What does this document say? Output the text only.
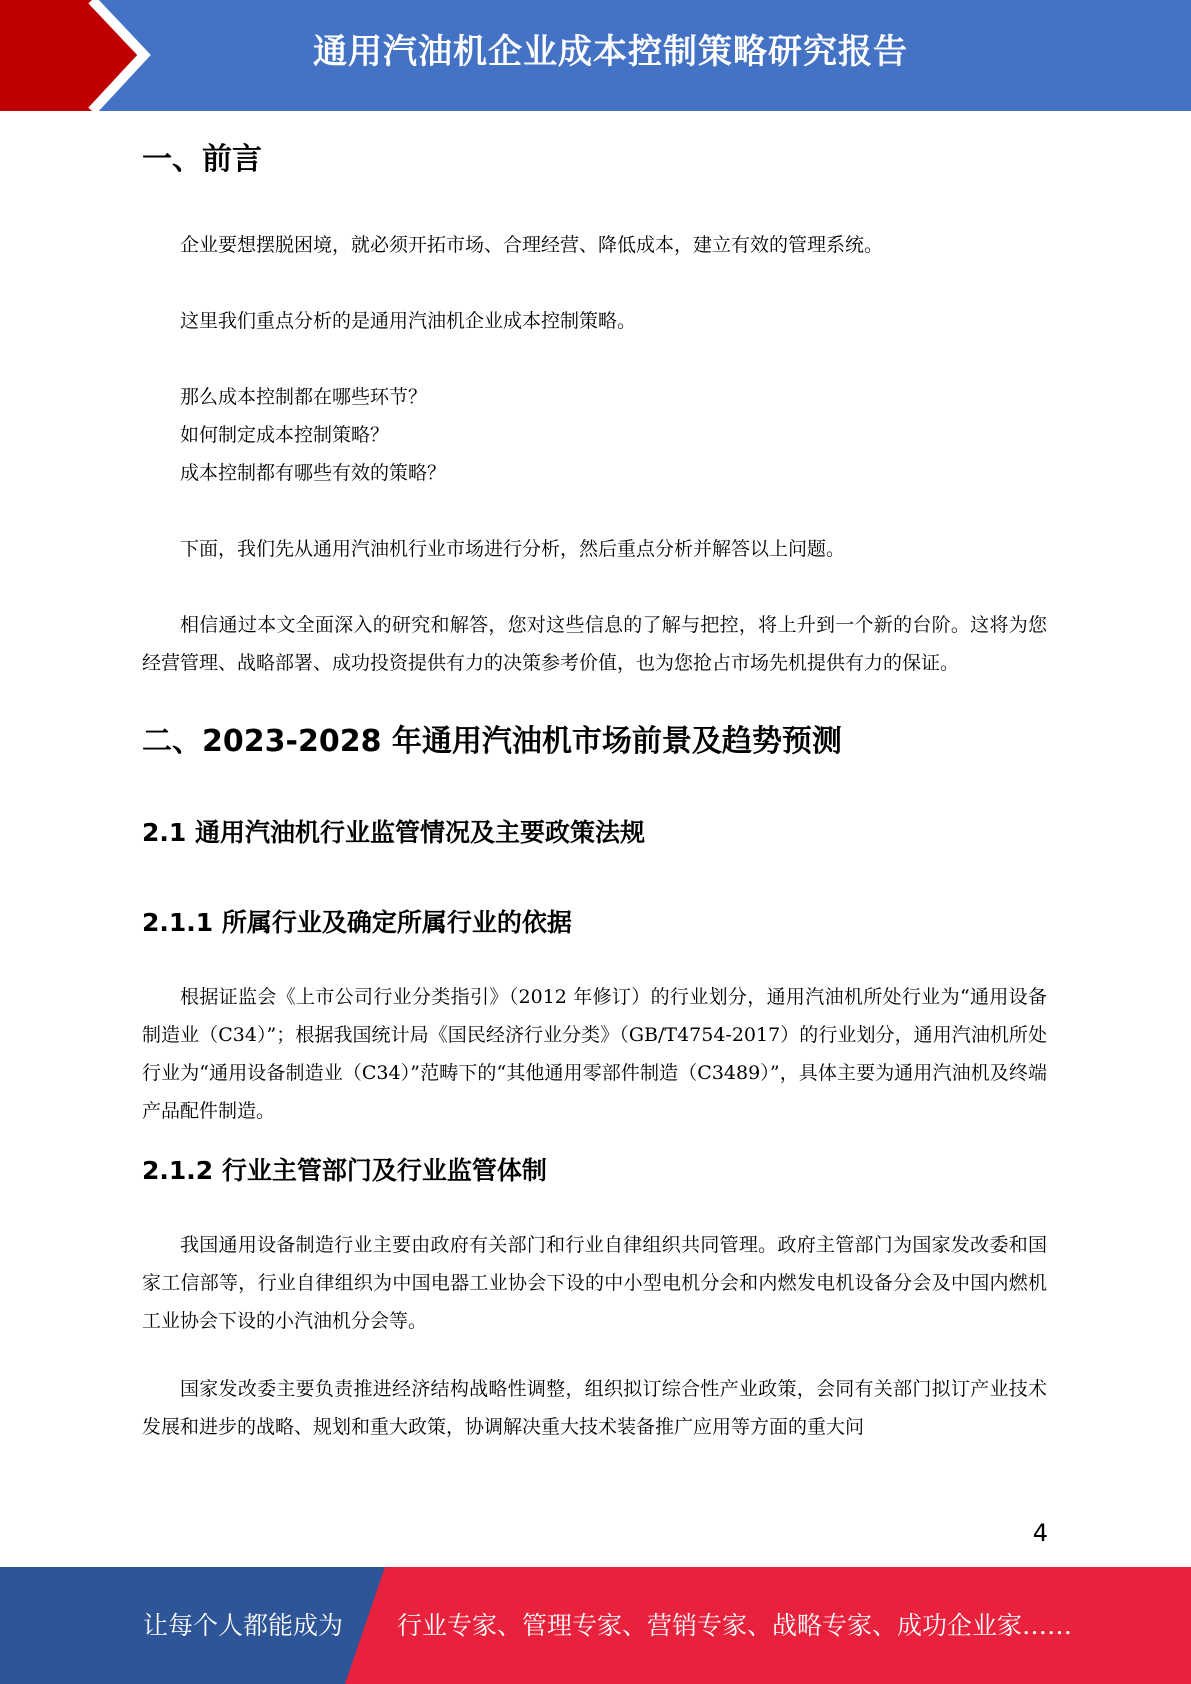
通用汽油机企业成本控制策略研究报告
一、前言

企业要想摆脱困境，就必须开拓市场、合理经营、降低成本，建立有效的管理系统。

这里我们重点分析的是通用汽油机企业成本控制策略。

那么成本控制都在哪些环节？

如何制定成本控制策略？

成本控制都有哪些有效的策略？

下面，我们先从通用汽油机行业市场进行分析，然后重点分析并解答以上问题。

相信通过本文全面深入的研究和解答，您对这些信息的了解与把控，将上升到一个新的台阶。这将为您经营管理、战略部署、成功投资提供有力的决策参考价值，也为您抢占市场先机提供有力的保证。

二、2023-2028 年通用汽油机市场前景及趋势预测
2.1 通用汽油机行业监管情况及主要政策法规
2.1.1 所属行业及确定所属行业的依据

根据证监会《上市公司行业分类指引》（2012 年修订）的行业划分，通用汽油机所处行业为“通用设备制造业（C34）”；根据我国统计局《国民经济行业分类》（GB/T4754-2017）的行业划分，通用汽油机所处行业为“通用设备制造业（C34）”范畴下的“其他通用零部件制造（C3489）”，具体主要为通用汽油机及终端产品配件制造。

2.1.2 行业主管部门及行业监管体制

我国通用设备制造行业主要由政府有关部门和行业自律组织共同管理。政府主管部门为国家发改委和国家工信部等，行业自律组织为中国电器工业协会下设的中小型电机分会和内燃发电机设备分会及中国内燃机工业协会下设的小汽油机分会等。

国家发改委主要负责推进经济结构战略性调整，组织拟订综合性产业政策，会同有关部门拟订产业技术发展和进步的战略、规划和重大政策，协调解决重大技术装备推广应用等方面的重大问

4
让每个人都能成为 行业专家、管理专家、营销专家、战略专家、成功企业家……
